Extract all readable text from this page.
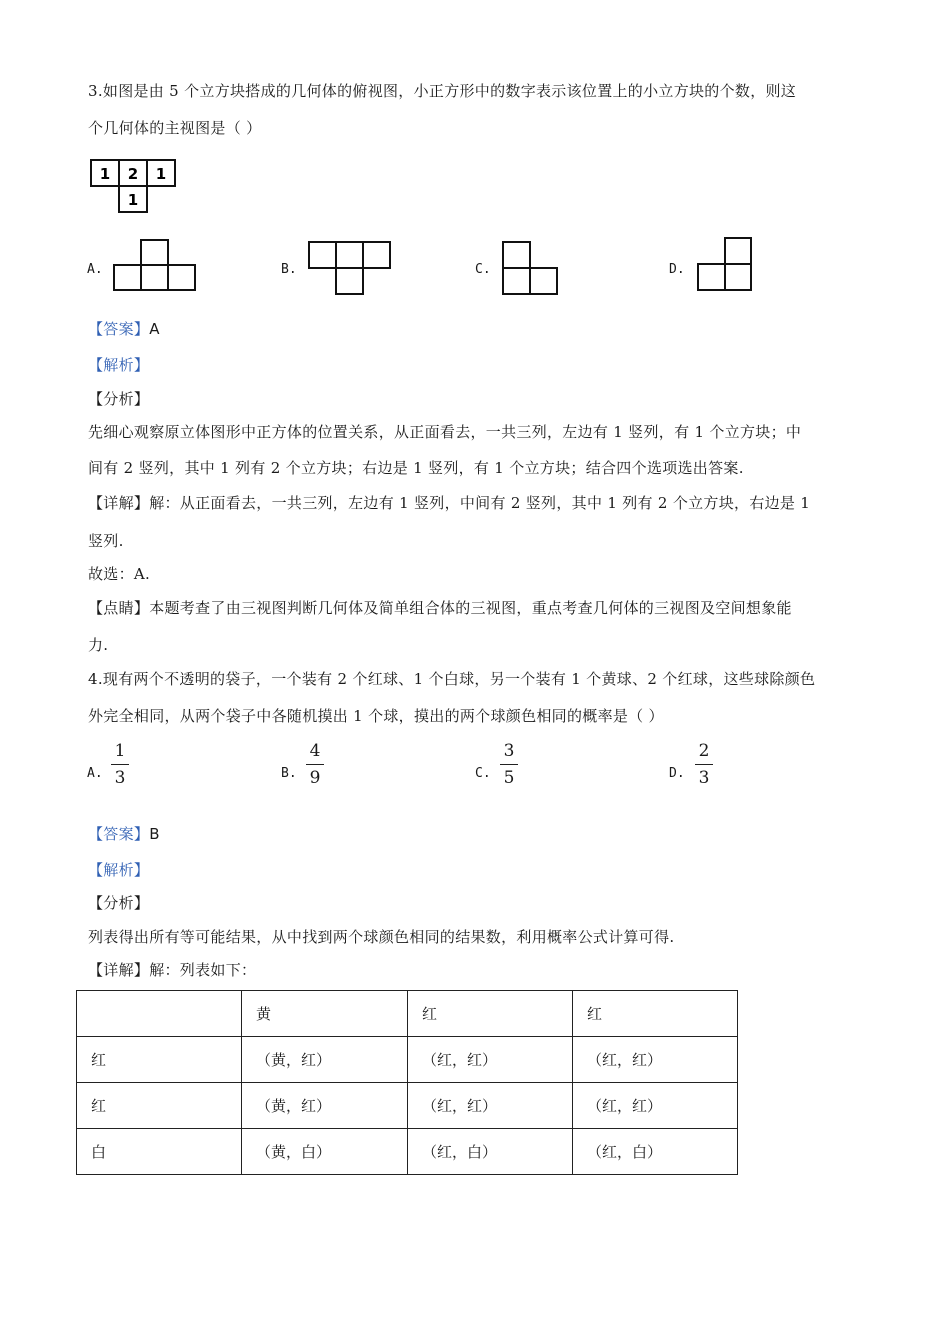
3.如图是由 5 个立方块搭成的几何体的俯视图，小正方形中的数字表示该位置上的小立方块的个数，则这
个几何体的主视图是（ ）
1 2 1
1
A.	B.	C.	D.
【答案】A
【解析】
【分析】
先细心观察原立体图形中正方体的位置关系，从正面看去，一共三列，左边有 1 竖列，有 1 个立方块；中
间有 2 竖列，其中 1 列有 2 个立方块；右边是 1 竖列，有 1 个立方块；结合四个选项选出答案.
【详解】解：从正面看去，一共三列，左边有 1 竖列，中间有 2 竖列，其中 1 列有 2 个立方块，右边是 1
竖列.
故选：A.
【点睛】本题考查了由三视图判断几何体及简单组合体的三视图，重点考查几何体的三视图及空间想象能
力.
4.现有两个不透明的袋子，一个装有 2 个红球、1 个白球，另一个装有 1 个黄球、2 个红球，这些球除颜色
外完全相同，从两个袋子中各随机摸出 1 个球，摸出的两个球颜色相同的概率是（ ）
A.
1
3	B.
4
9	C.
3
5	D.
2
3
【答案】B
【解析】
【分析】
列表得出所有等可能结果，从中找到两个球颜色相同的结果数，利用概率公式计算可得.
【详解】解：列表如下：
	黄	红	红
红	（黄，红）	（红，红）	（红，红）
红	（黄，红）	（红，红）	（红，红）
白	（黄，白）	（红，白）	（红，白）
